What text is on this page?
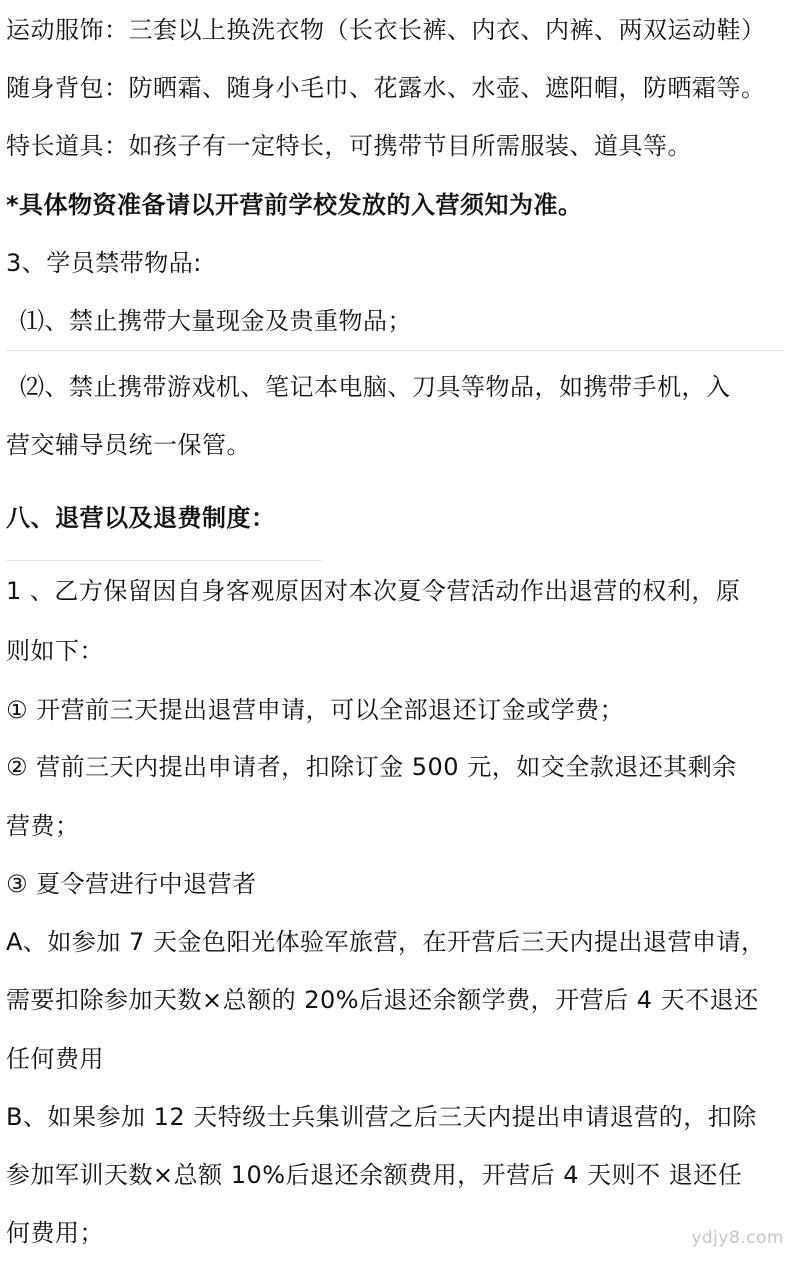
运动服饰：三套以上换洗衣物（长衣长裤、内衣、内裤、两双运动鞋）
随身背包：防晒霜、随身小毛巾、花露水、水壶、遮阳帽，防晒霜等。
特长道具：如孩子有一定特长，可携带节目所需服装、道具等。
*具体物资准备请以开营前学校发放的入营须知为准。
3、学员禁带物品:
⑴、禁止携带大量现金及贵重物品；
⑵、禁止携带游戏机、笔记本电脑、刀具等物品，如携带手机，入
营交辅导员统一保管。
八、退营以及退费制度：
1 、乙方保留因自身客观原因对本次夏令营活动作出退营的权利，原
则如下：
① 开营前三天提出退营申请，可以全部退还订金或学费；
② 营前三天内提出申请者，扣除订金 500 元，如交全款退还其剩余
营费；
③ 夏令营进行中退营者
A、如参加 7 天金色阳光体验军旅营，在开营后三天内提出退营申请，
需要扣除参加天数×总额的 20%后退还余额学费，开营后 4 天不退还
任何费用
B、如果参加 12 天特级士兵集训营之后三天内提出申请退营的，扣除
参加军训天数×总额 10%后退还余额费用，开营后 4 天则不 退还任
何费用；	ydjy8.com
